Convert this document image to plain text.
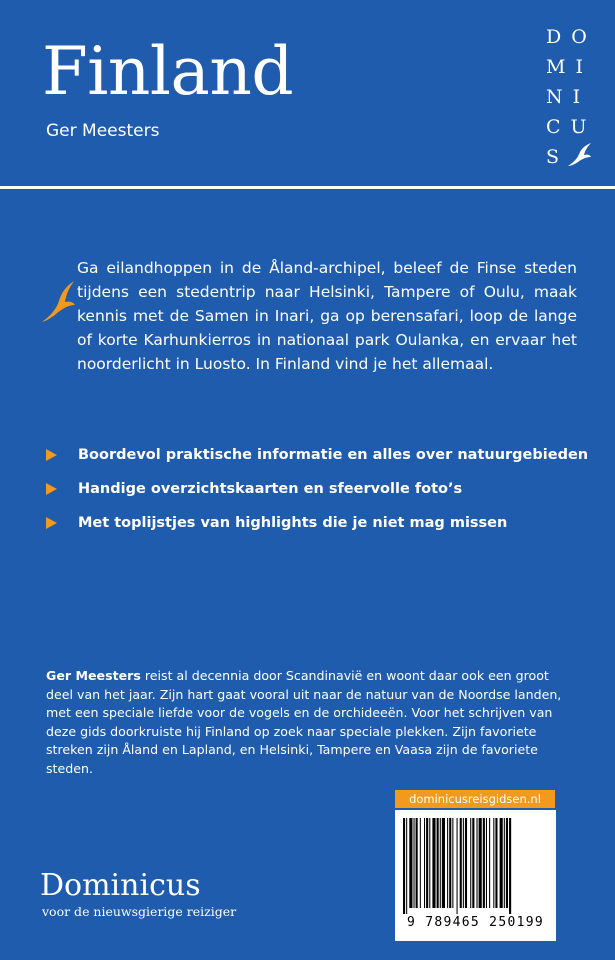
Finland
Ger Meesters
DO
MI
NI
CU
S

Ga eilandhoppen in de Åland-archipel, beleef de Finse steden tijdens een stedentrip naar Helsinki, Tampere of Oulu, maak kennis met de Samen in Inari, ga op berensafari, loop de lange of korte Karhunkierros in nationaal park Oulanka, en ervaar het noorderlicht in Luosto. In Finland vind je het allemaal.

Boordevol praktische informatie en alles over natuurgebieden
Handige overzichtskaarten en sfeervolle foto’s
Met toplijstjes van highlights die je niet mag missen

Ger Meesters reist al decennia door Scandinavië en woont daar ook een groot deel van het jaar. Zijn hart gaat vooral uit naar de natuur van de Noordse landen, met een speciale liefde voor de vogels en de orchideeën. Voor het schrijven van deze gids doorkruiste hij Finland op zoek naar speciale plekken. Zijn favoriete streken zijn Åland en Lapland, en Helsinki, Tampere en Vaasa zijn de favoriete steden.

Dominicus
voor de nieuwsgierige reiziger
dominicusreisgidsen.nl
9 789465 250199
